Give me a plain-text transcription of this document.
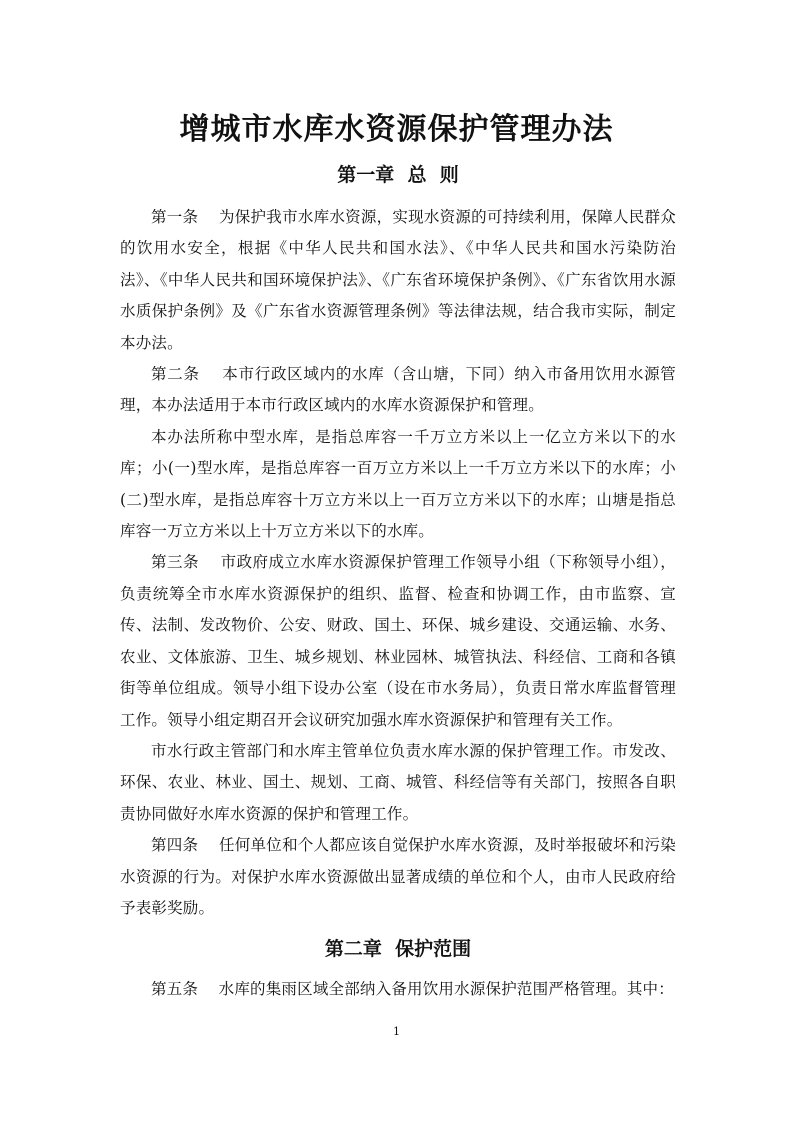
增城市水库水资源保护管理办法
第一章  总  则

第一条 为保护我市水库水资源，实现水资源的可持续利用，保障人民群众的饮用水安全，根据《中华人民共和国水法》、《中华人民共和国水污染防治法》、《中华人民共和国环境保护法》、《广东省环境保护条例》、《广东省饮用水源水质保护条例》及《广东省水资源管理条例》等法律法规，结合我市实际，制定本办法。

第二条 本市行政区域内的水库（含山塘，下同）纳入市备用饮用水源管理，本办法适用于本市行政区域内的水库水资源保护和管理。

本办法所称中型水库，是指总库容一千万立方米以上一亿立方米以下的水库；小(一)型水库，是指总库容一百万立方米以上一千万立方米以下的水库；小(二)型水库，是指总库容十万立方米以上一百万立方米以下的水库；山塘是指总库容一万立方米以上十万立方米以下的水库。

第三条 市政府成立水库水资源保护管理工作领导小组（下称领导小组），负责统筹全市水库水资源保护的组织、监督、检查和协调工作，由市监察、宣传、法制、发改物价、公安、财政、国土、环保、城乡建设、交通运输、水务、农业、文体旅游、卫生、城乡规划、林业园林、城管执法、科经信、工商和各镇街等单位组成。领导小组下设办公室（设在市水务局），负责日常水库监督管理工作。领导小组定期召开会议研究加强水库水资源保护和管理有关工作。

市水行政主管部门和水库主管单位负责水库水源的保护管理工作。市发改、环保、农业、林业、国土、规划、工商、城管、科经信等有关部门，按照各自职责协同做好水库水资源的保护和管理工作。

第四条 任何单位和个人都应该自觉保护水库水资源，及时举报破坏和污染水资源的行为。对保护水库水资源做出显著成绩的单位和个人，由市人民政府给予表彰奖励。

第二章  保护范围

第五条 水库的集雨区域全部纳入备用饮用水源保护范围严格管理。其中：

1
